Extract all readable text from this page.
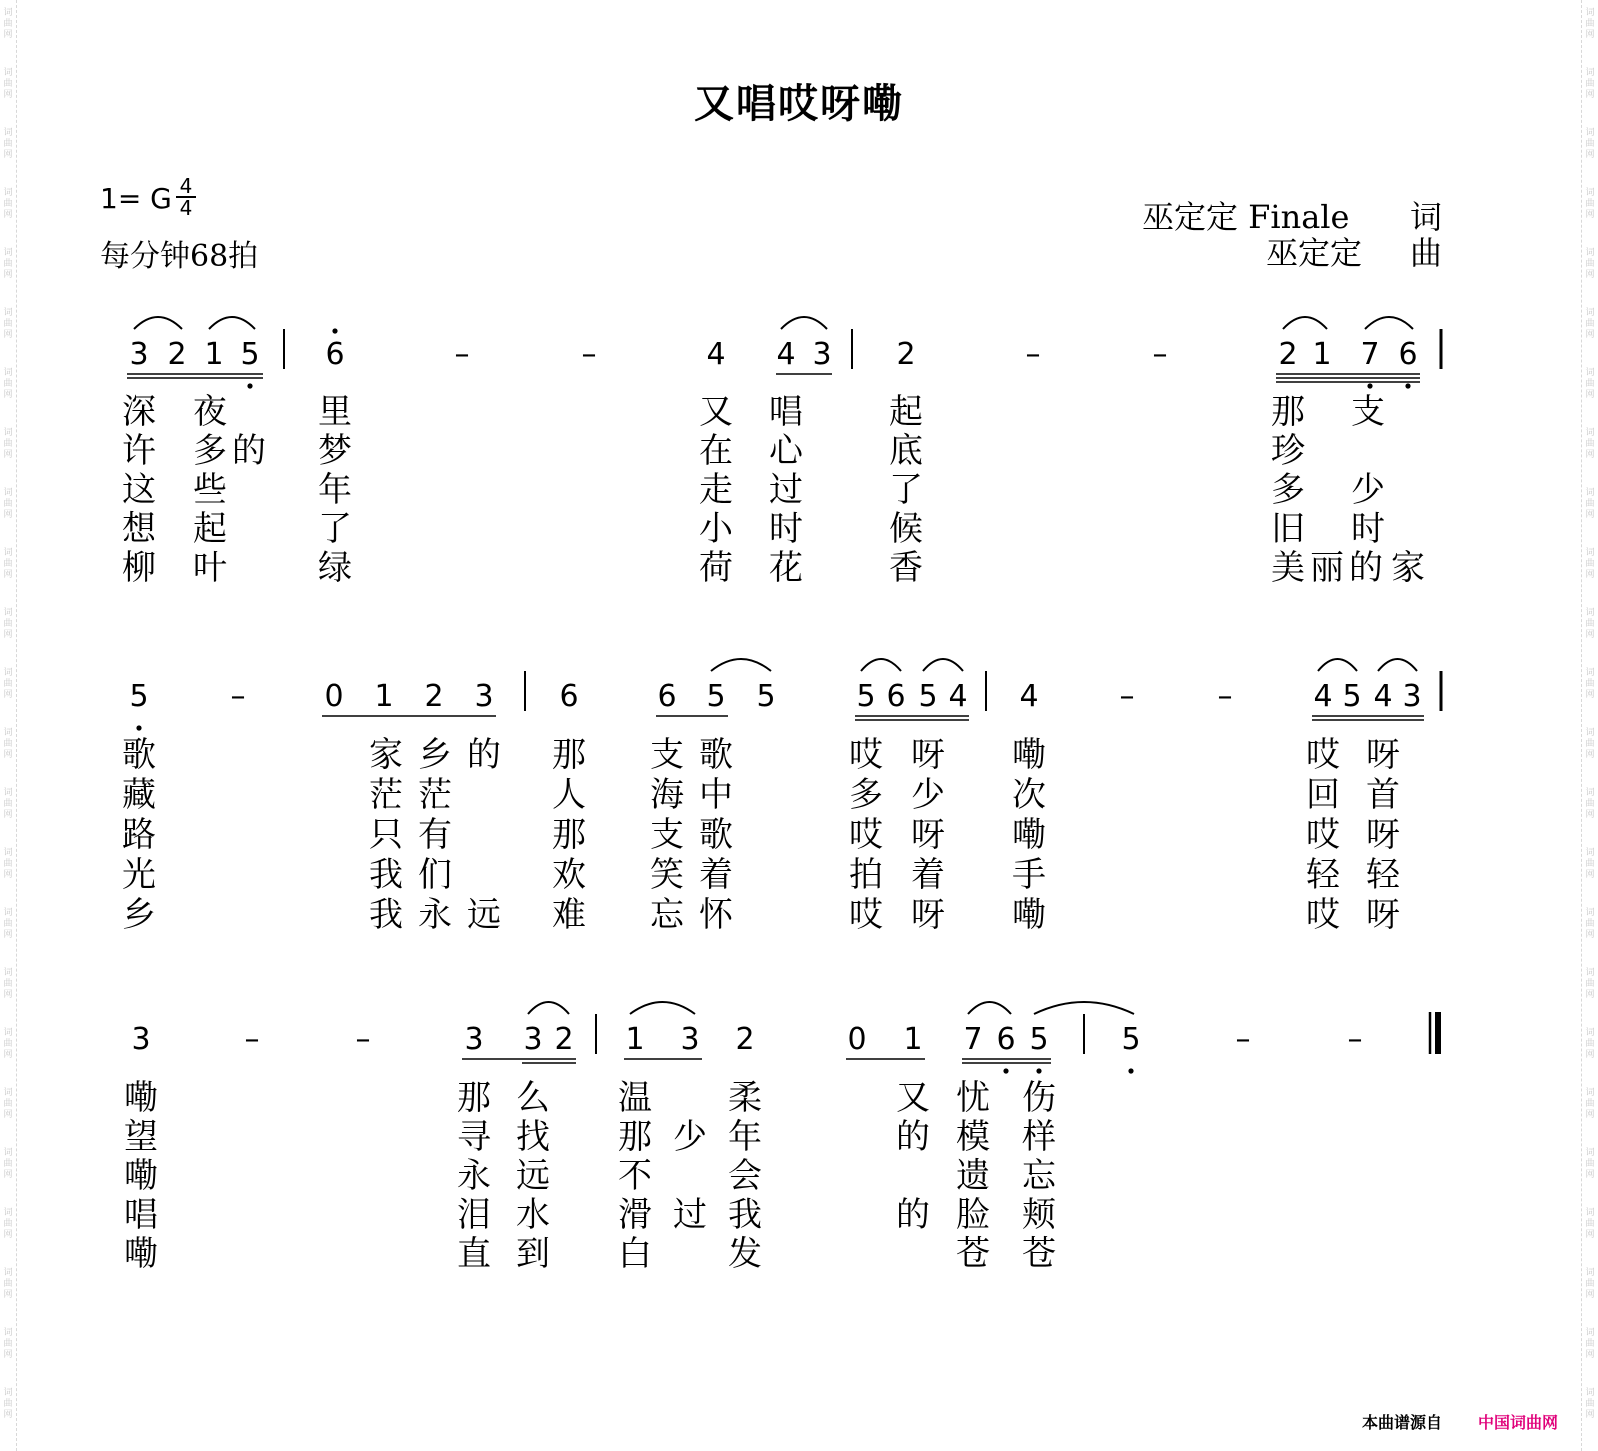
词
曲
网
词
曲
网
词
曲
网
词
曲
网
词
曲
网
词
曲
网
词
曲
网
词
曲
网
词
曲
网
词
曲
网
词
曲
网
词
曲
网
词
曲
网
词
曲
网
词
曲
网
词
曲
网
词
曲
网
词
曲
网
词
曲
网
词
曲
网
词
曲
网
词
曲
网
词
曲
网
词
曲
网
词
曲
网
词
曲
网
词
曲
网
词
曲
网
词
曲
网
词
曲
网
词
曲
网
词
曲
网
词
曲
网
词
曲
网
词
曲
网
词
曲
网
词
曲
网
词
曲
网
词
曲
网
词
曲
网
词
曲
网
词
曲
网
词
曲
网
词
曲
网
词
曲
网
词
曲
网
词
曲
网
词
曲
网
又唱哎呀嘞
1= G $\frac{4}{4}$
每分钟68拍
巫定定 Finale 词
巫定定 曲
3 2 1 5 6	–	–	4 4 3 2	–	–	2 1 7 6
5	–	0 1 2 3 6	6 5 5	5 6 5 4 4	–	–	4 5 4 3
3	–	–	3 3 2 1 3 2	0 1 7 6 5 5	–	–
深 夜	里	又 唱	起	那 支
许 多 的 梦	在 心	底	珍
这 些	年	走 过	了	多 少
想 起	了	小 时	候	旧 时
柳 叶	绿	荷 花	香	美 丽 的 家
歌	家 乡 的 那 支 歌	哎 呀 嘞	哎 呀
藏	茫 茫	人 海 中	多 少 次	回 首
路	只 有	那 支 歌	哎 呀 嘞	哎 呀
光	我 们	欢 笑 着	拍 着 手	轻 轻
乡	我 永 远 难 忘 怀	哎 呀 嘞	哎 呀
嘞	那 么 温 柔	又 忧 伤
望	寻 找 那 少 年	的 模 样
嘞	永 远 不 会	遗 忘
唱	泪 水 滑 过 我	的 脸 颊
嘞	直 到 白 发	苍 苍
本曲谱源自 中国词曲网
